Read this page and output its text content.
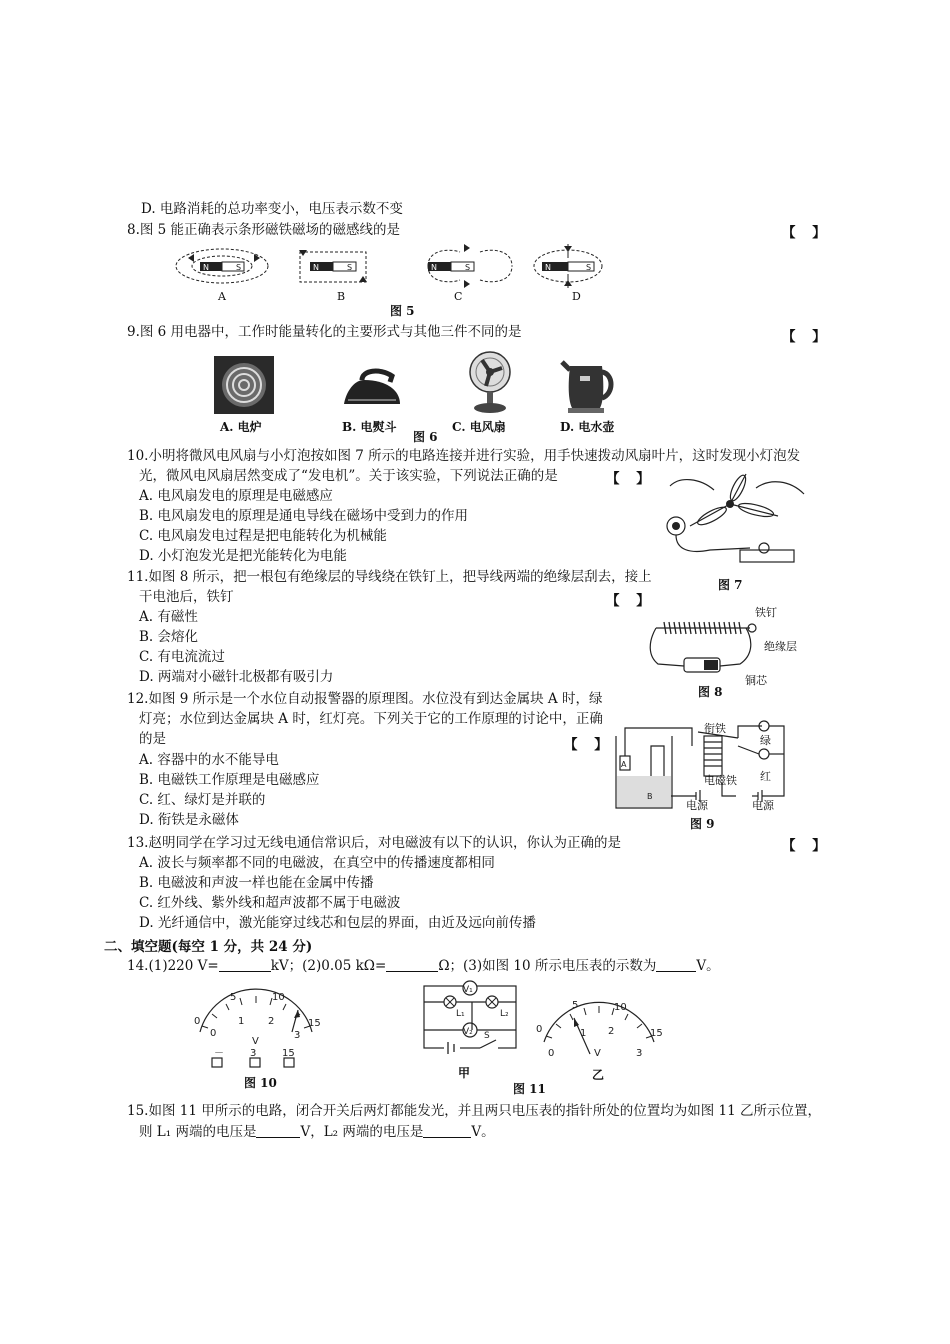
D. 电路消耗的总功率变小，电压表示数不变
8.图 5 能正确表示条形磁铁磁场的磁感线的是	【 】
N	N	N	N
S	S	S	S
A	B	C	D
图 5
9.图 6 用电器中，工作时能量转化的主要形式与其他三件不同的是	【 】
A. 电炉	B. 电熨斗	C. 电风扇	D. 电水壶
图 6
10.小明将微风电风扇与小灯泡按如图 7 所示的电路连接并进行实验，用手快速拨动风扇叶片，这时发现小灯泡发
光，微风电风扇居然变成了“发电机”。关于该实验，下列说法正确的是	【 】
A. 电风扇发电的原理是电磁感应
B. 电风扇发电的原理是通电导线在磁场中受到力的作用
C. 电风扇发电过程是把电能转化为机械能
D. 小灯泡发光是把光能转化为电能
图 7
11.如图 8 所示，把一根包有绝缘层的导线绕在铁钉上，把导线两端的绝缘层刮去，接上
干电池后，铁钉	【 】
A. 有磁性
B. 会熔化
C. 有电流流过
D. 两端对小磁针北极都有吸引力
铁钉
绝缘层
铜芯
图 8
12.如图 9 所示是一个水位自动报警器的原理图。水位没有到达金属块 A 时，绿
灯亮；水位到达金属块 A 时，红灯亮。下列关于它的工作原理的讨论中，正确
的是	【 】
A. 容器中的水不能导电
B. 电磁铁工作原理是电磁感应
C. 红、绿灯是并联的
D. 衔铁是永磁体
A
B
衔铁
绿
红
电磁铁
电源	电源
图 9
13.赵明同学在学习过无线电通信常识后，对电磁波有以下的认识，你认为正确的是	【 】
A. 波长与频率都不同的电磁波，在真空中的传播速度都相同
B. 电磁波和声波一样也能在金属中传播
C. 红外线、紫外线和超声波都不属于电磁波
D. 光纤通信中，激光能穿过线芯和包层的界面，由近及远向前传播
二、填空题(每空 1 分，共 24 分)
14.(1)220 V=	kV；(2)0.05 kΩ=	Ω；(3)如图 10 所示电压表的示数为	V。
0
5	10
15
0
1 2
3
V
－	3	15
图 10
V₁
V₂
L₁	L₂
S
甲
0
5	10
15
0
1 2
3
V
乙
图 11
15.如图 11 甲所示的电路，闭合开关后两灯都能发光，并且两只电压表的指针所处的位置均为如图 11 乙所示位置，
则 L₁ 两端的电压是	V，L₂ 两端的电压是	V。
